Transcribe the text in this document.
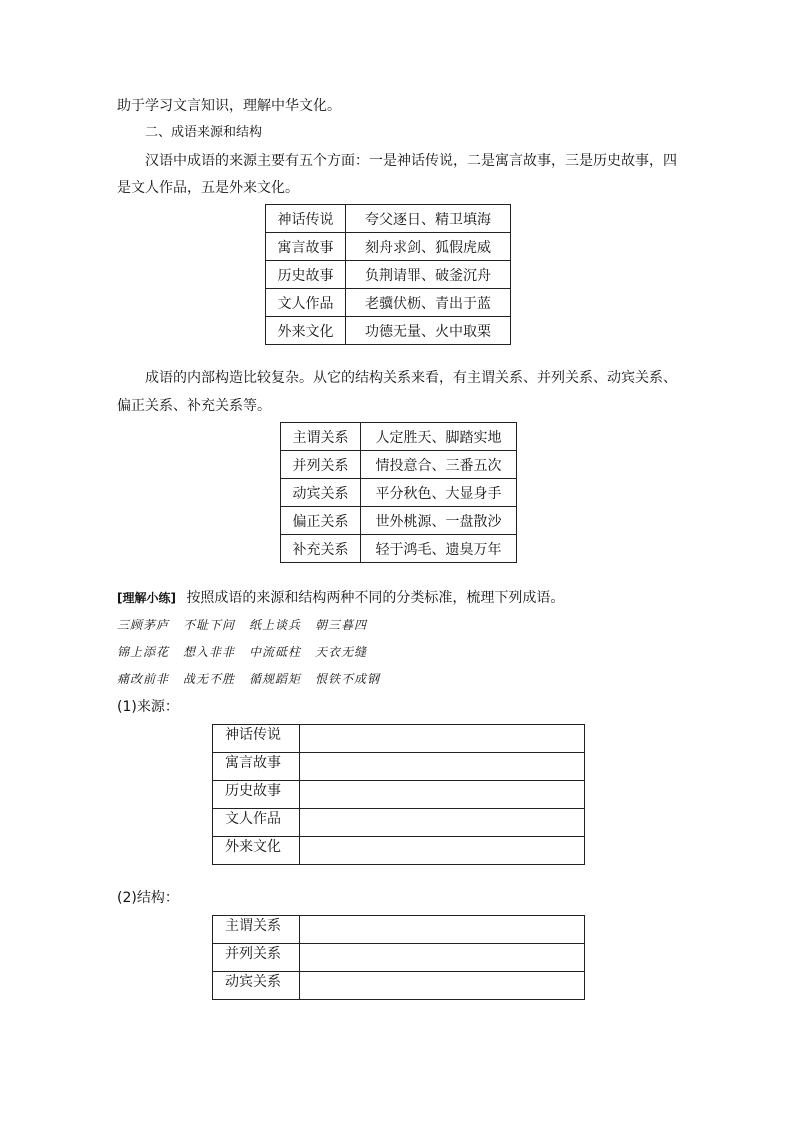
助于学习文言知识，理解中华文化。
二、成语来源和结构
汉语中成语的来源主要有五个方面：一是神话传说，二是寓言故事，三是历史故事，四
是文人作品，五是外来文化。
神话传说	夸父逐日、精卫填海
寓言故事	刻舟求剑、狐假虎威
历史故事	负荆请罪、破釜沉舟
文人作品	老骥伏枥、青出于蓝
外来文化	功德无量、火中取栗
成语的内部构造比较复杂。从它的结构关系来看，有主谓关系、并列关系、动宾关系、
偏正关系、补充关系等。
主谓关系	人定胜天、脚踏实地
并列关系	情投意合、三番五次
动宾关系	平分秋色、大显身手
偏正关系	世外桃源、一盘散沙
补充关系	轻于鸿毛、遗臭万年
[理解小练] 按照成语的来源和结构两种不同的分类标准，梳理下列成语。
三顾茅庐 不耻下问 纸上谈兵 朝三暮四
锦上添花 想入非非 中流砥柱 天衣无缝
痛改前非 战无不胜 循规蹈矩 恨铁不成钢
(1)来源：
神话传说	
寓言故事	
历史故事	
文人作品	
外来文化	
(2)结构：
主谓关系	
并列关系	
动宾关系	
